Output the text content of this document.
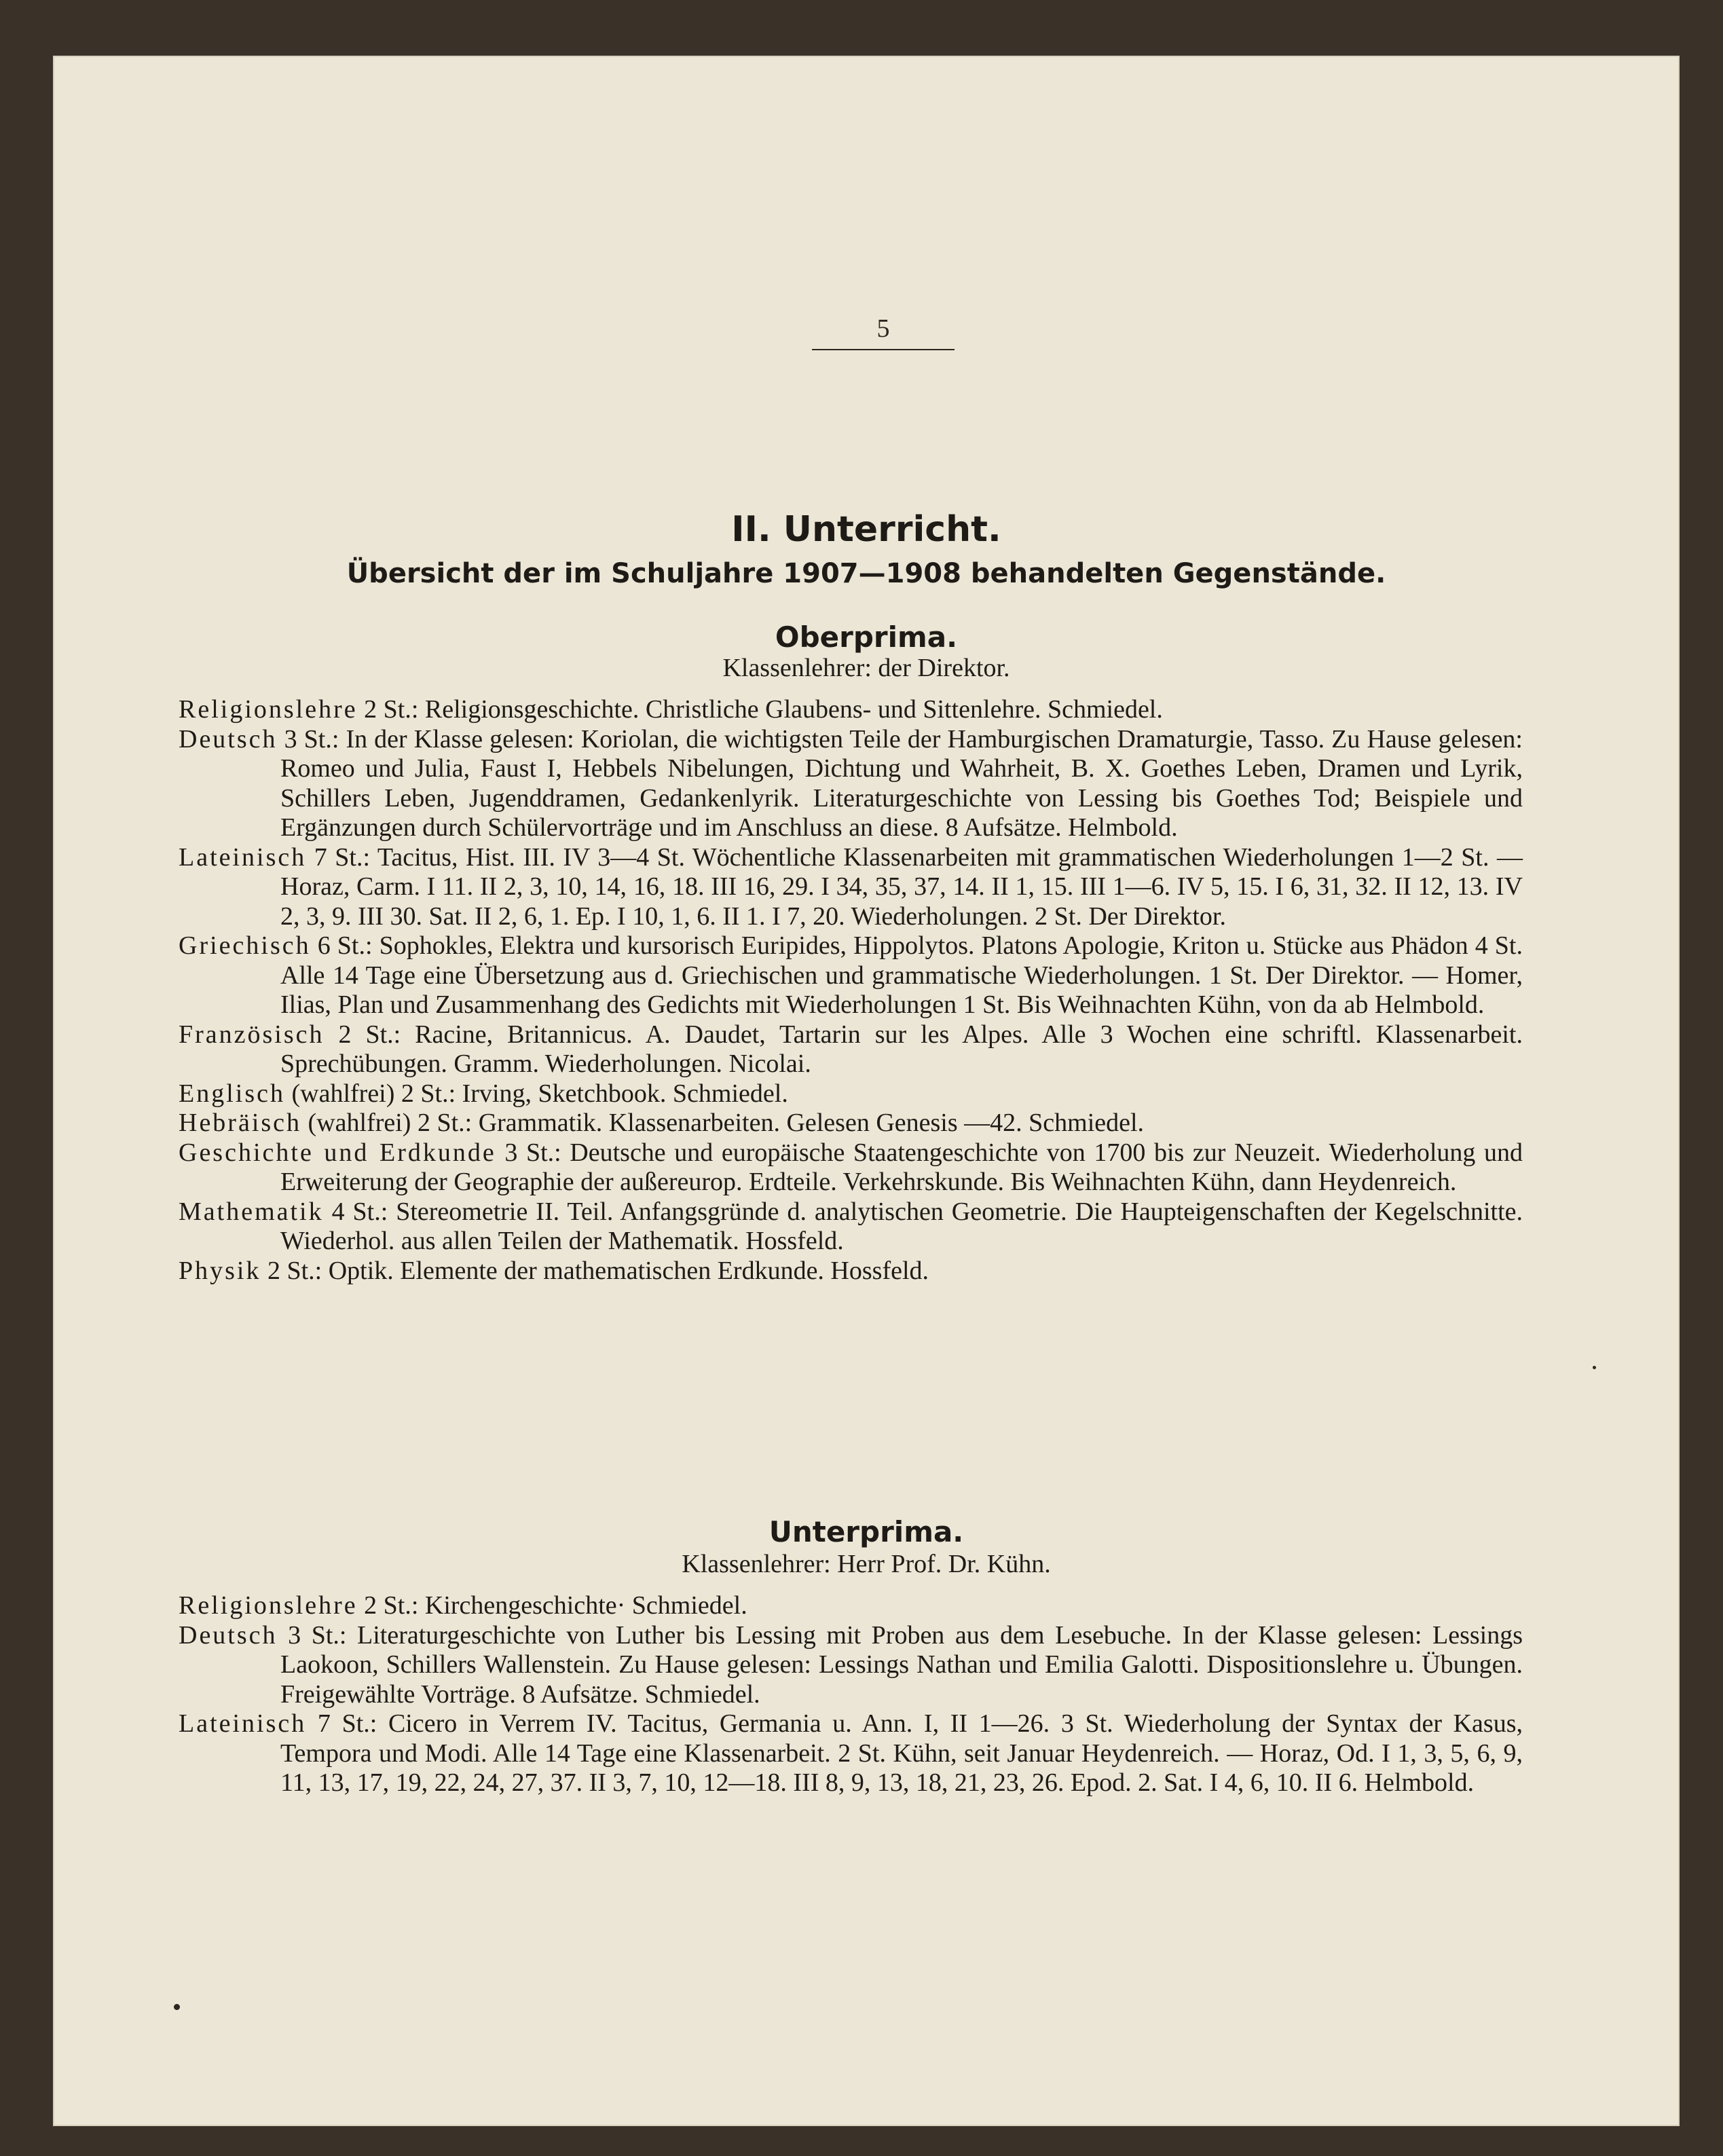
5
II. Unterricht.
Übersicht der im Schuljahre 1907—1908 behandelten Gegenstände.
Oberprima.
Klassenlehrer: der Direktor.
Religionslehre 2 St.: Religionsgeschichte. Christliche Glaubens- und Sittenlehre. Schmiedel.
Deutsch 3 St.: In der Klasse gelesen: Koriolan, die wichtigsten Teile der Hamburgischen Dramaturgie, Tasso. Zu Hause gelesen: Romeo und Julia, Faust I, Hebbels Nibelungen, Dichtung und Wahrheit, B. X. Goethes Leben, Dramen und Lyrik, Schillers Leben, Jugenddramen, Gedankenlyrik. Literaturgeschichte von Lessing bis Goethes Tod; Beispiele und Ergänzungen durch Schülervorträge und im Anschluss an diese. 8 Aufsätze. Helmbold.
Lateinisch 7 St.: Tacitus, Hist. III. IV 3—4 St. Wöchentliche Klassenarbeiten mit grammatischen Wiederholungen 1—2 St. — Horaz, Carm. I 11. II 2, 3, 10, 14, 16, 18. III 16, 29. I 34, 35, 37, 14. II 1, 15. III 1—6. IV 5, 15. I 6, 31, 32. II 12, 13. IV 2, 3, 9. III 30. Sat. II 2, 6, 1. Ep. I 10, 1, 6. II 1. I 7, 20. Wiederholungen. 2 St. Der Direktor.
Griechisch 6 St.: Sophokles, Elektra und kursorisch Euripides, Hippolytos. Platons Apologie, Kriton u. Stücke aus Phädon 4 St. Alle 14 Tage eine Übersetzung aus d. Griechischen und grammatische Wiederholungen. 1 St. Der Direktor. — Homer, Ilias, Plan und Zusammenhang des Gedichts mit Wiederholungen 1 St. Bis Weihnachten Kühn, von da ab Helmbold.
Französisch 2 St.: Racine, Britannicus. A. Daudet, Tartarin sur les Alpes. Alle 3 Wochen eine schriftl. Klassenarbeit. Sprechübungen. Gramm. Wiederholungen. Nicolai.
Englisch (wahlfrei) 2 St.: Irving, Sketchbook. Schmiedel.
Hebräisch (wahlfrei) 2 St.: Grammatik. Klassenarbeiten. Gelesen Genesis —42. Schmiedel.
Geschichte und Erdkunde 3 St.: Deutsche und europäische Staatengeschichte von 1700 bis zur Neuzeit. Wiederholung und Erweiterung der Geographie der außereurop. Erdteile. Verkehrskunde. Bis Weihnachten Kühn, dann Heydenreich.
Mathematik 4 St.: Stereometrie II. Teil. Anfangsgründe d. analytischen Geometrie. Die Haupteigenschaften der Kegelschnitte. Wiederhol. aus allen Teilen der Mathematik. Hossfeld.
Physik 2 St.: Optik. Elemente der mathematischen Erdkunde. Hossfeld.
Unterprima.
Klassenlehrer: Herr Prof. Dr. Kühn.
Religionslehre 2 St.: Kirchengeschichte· Schmiedel.
Deutsch 3 St.: Literaturgeschichte von Luther bis Lessing mit Proben aus dem Lesebuche. In der Klasse gelesen: Lessings Laokoon, Schillers Wallenstein. Zu Hause gelesen: Lessings Nathan und Emilia Galotti. Dispositionslehre u. Übungen. Freigewählte Vorträge. 8 Aufsätze. Schmiedel.
Lateinisch 7 St.: Cicero in Verrem IV. Tacitus, Germania u. Ann. I, II 1—26. 3 St. Wiederholung der Syntax der Kasus, Tempora und Modi. Alle 14 Tage eine Klassenarbeit. 2 St. Kühn, seit Januar Heydenreich. — Horaz, Od. I 1, 3, 5, 6, 9, 11, 13, 17, 19, 22, 24, 27, 37. II 3, 7, 10, 12—18. III 8, 9, 13, 18, 21, 23, 26. Epod. 2. Sat. I 4, 6, 10. II 6. Helmbold.
